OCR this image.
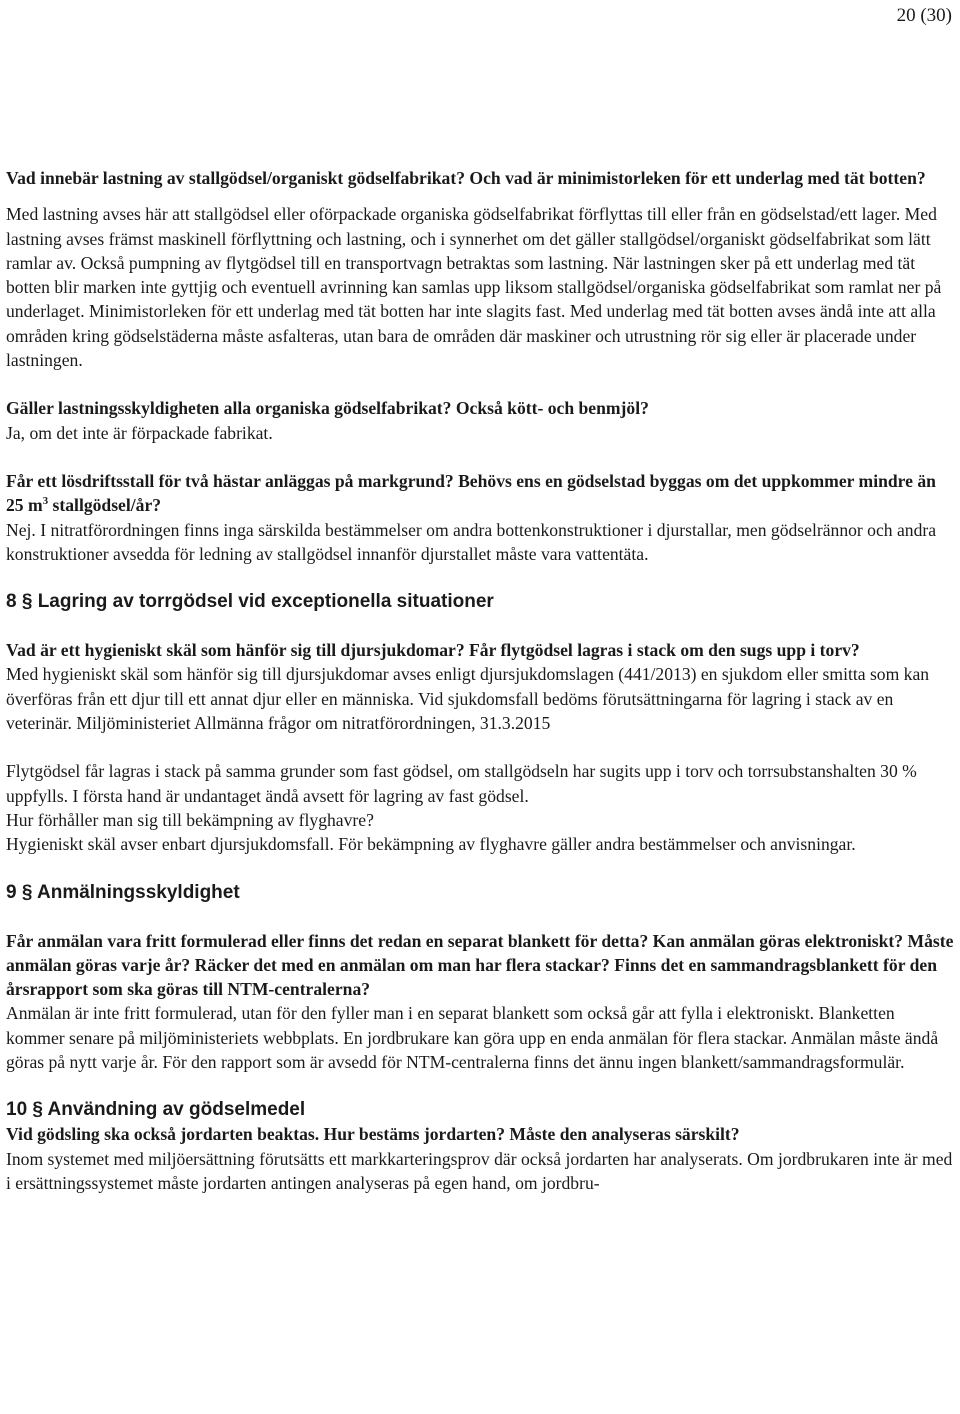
20 (30)

Vad innebär lastning av stallgödsel/organiskt gödselfabrikat? Och vad är minimistorleken för ett underlag med tät botten?

Med lastning avses här att stallgödsel eller oförpackade organiska gödselfabrikat förflyttas till eller från en gödselstad/ett lager. Med lastning avses främst maskinell förflyttning och lastning, och i synnerhet om det gäller stallgödsel/organiskt gödselfabrikat som lätt ramlar av. Också pumpning av flytgödsel till en transportvagn betraktas som lastning. När lastningen sker på ett underlag med tät botten blir marken inte gyttjig och eventuell avrinning kan samlas upp liksom stallgödsel/organiska gödselfabrikat som ramlat ner på underlaget. Minimistorleken för ett underlag med tät botten har inte slagits fast. Med underlag med tät botten avses ändå inte att alla områden kring gödselstäderna måste asfalteras, utan bara de områden där maskiner och utrustning rör sig eller är placerade under lastningen.

Gäller lastningsskyldigheten alla organiska gödselfabrikat? Också kött- och benmjöl?

Ja, om det inte är förpackade fabrikat.

Får ett lösdriftsstall för två hästar anläggas på markgrund? Behövs ens en gödselstad byggas om det uppkommer mindre än 25 $m^3$ stallgödsel/år?

Nej. I nitratförordningen finns inga särskilda bestämmelser om andra bottenkonstruktioner i djurstallar, men gödselrännor och andra konstruktioner avsedda för ledning av stallgödsel innanför djurstallet måste vara vattentäta.

8 § Lagring av torrgödsel vid exceptionella situationer

Vad är ett hygieniskt skäl som hänför sig till djursjukdomar? Får flytgödsel lagras i stack om den sugs upp i torv?

Med hygieniskt skäl som hänför sig till djursjukdomar avses enligt djursjukdomslagen (441/2013) en sjukdom eller smitta som kan överföras från ett djur till ett annat djur eller en människa. Vid sjukdomsfall bedöms förutsättningarna för lagring i stack av en veterinär. Miljöministeriet Allmänna frågor om nitratförordningen, 31.3.2015

Flytgödsel får lagras i stack på samma grunder som fast gödsel, om stallgödseln har sugits upp i torv och torrsubstanshalten 30 % uppfylls. I första hand är undantaget ändå avsett för lagring av fast gödsel.

Hur förhåller man sig till bekämpning av flyghavre?

Hygieniskt skäl avser enbart djursjukdomsfall. För bekämpning av flyghavre gäller andra bestämmelser och anvisningar.

9 § Anmälningsskyldighet

Får anmälan vara fritt formulerad eller finns det redan en separat blankett för detta? Kan anmälan göras elektroniskt? Måste anmälan göras varje år? Räcker det med en anmälan om man har flera stackar? Finns det en sammandragsblankett för den årsrapport som ska göras till NTM-centralerna?

Anmälan är inte fritt formulerad, utan för den fyller man i en separat blankett som också går att fylla i elektroniskt. Blanketten kommer senare på miljöministeriets webbplats. En jordbrukare kan göra upp en enda anmälan för flera stackar. Anmälan måste ändå göras på nytt varje år. För den rapport som är avsedd för NTM-centralerna finns det ännu ingen blankett/sammandragsformulär.

10 § Användning av gödselmedel

Vid gödsling ska också jordarten beaktas. Hur bestäms jordarten? Måste den analyseras särskilt?

Inom systemet med miljöersättning förutsätts ett markkarteringsprov där också jordarten har analyserats. Om jordbrukaren inte är med i ersättningssystemet måste jordarten antingen analyseras på egen hand, om jordbru-
